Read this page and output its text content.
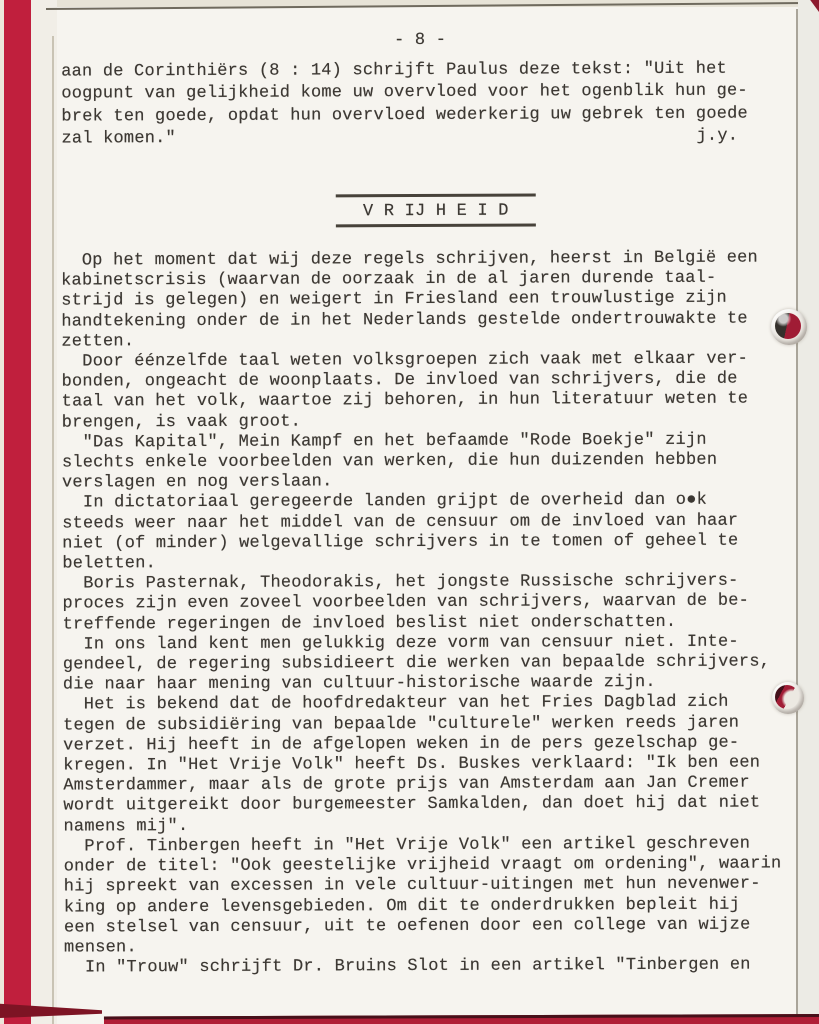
- 8 -
aan de Corinthiërs (8 : 14) schrijft Paulus deze tekst: "Uit het
oogpunt van gelijkheid kome uw overvloed voor het ogenblik hun ge-
brek ten goede, opdat hun overvloed wederkerig uw gebrek ten goede
zal komen."	j.y.
V R IJ H E I D
Op het moment dat wij deze regels schrijven, heerst in België een
kabinetscrisis (waarvan de oorzaak in de al jaren durende taal-
strijd is gelegen) en weigert in Friesland een trouwlustige zijn
handtekening onder de in het Nederlands gestelde ondertrouwakte te
zetten.
Door éénzelfde taal weten volksgroepen zich vaak met elkaar ver-
bonden, ongeacht de woonplaats. De invloed van schrijvers, die de
taal van het volk, waartoe zij behoren, in hun literatuur weten te
brengen, is vaak groot.
"Das Kapital", Mein Kampf en het befaamde "Rode Boekje" zijn
slechts enkele voorbeelden van werken, die hun duizenden hebben
verslagen en nog verslaan.
In dictatoriaal geregeerde landen grijpt de overheid dan o●k
steeds weer naar het middel van de censuur om de invloed van haar
niet (of minder) welgevallige schrijvers in te tomen of geheel te
beletten.
Boris Pasternak, Theodorakis, het jongste Russische schrijvers-
proces zijn even zoveel voorbeelden van schrijvers, waarvan de be-
treffende regeringen de invloed beslist niet onderschatten.
In ons land kent men gelukkig deze vorm van censuur niet. Inte-
gendeel, de regering subsidieert die werken van bepaalde schrijvers,
die naar haar mening van cultuur-historische waarde zijn.
Het is bekend dat de hoofdredakteur van het Fries Dagblad zich
tegen de subsidiëring van bepaalde "culturele" werken reeds jaren
verzet. Hij heeft in de afgelopen weken in de pers gezelschap ge-
kregen. In "Het Vrije Volk" heeft Ds. Buskes verklaard: "Ik ben een
Amsterdammer, maar als de grote prijs van Amsterdam aan Jan Cremer
wordt uitgereikt door burgemeester Samkalden, dan doet hij dat niet
namens mij".
Prof. Tinbergen heeft in "Het Vrije Volk" een artikel geschreven
onder de titel: "Ook geestelijke vrijheid vraagt om ordening", waarin
hij spreekt van excessen in vele cultuur-uitingen met hun nevenwer-
king op andere levensgebieden. Om dit te onderdrukken bepleit hij
een stelsel van censuur, uit te oefenen door een college van wijze
mensen.
In "Trouw" schrijft Dr. Bruins Slot in een artikel "Tinbergen en
